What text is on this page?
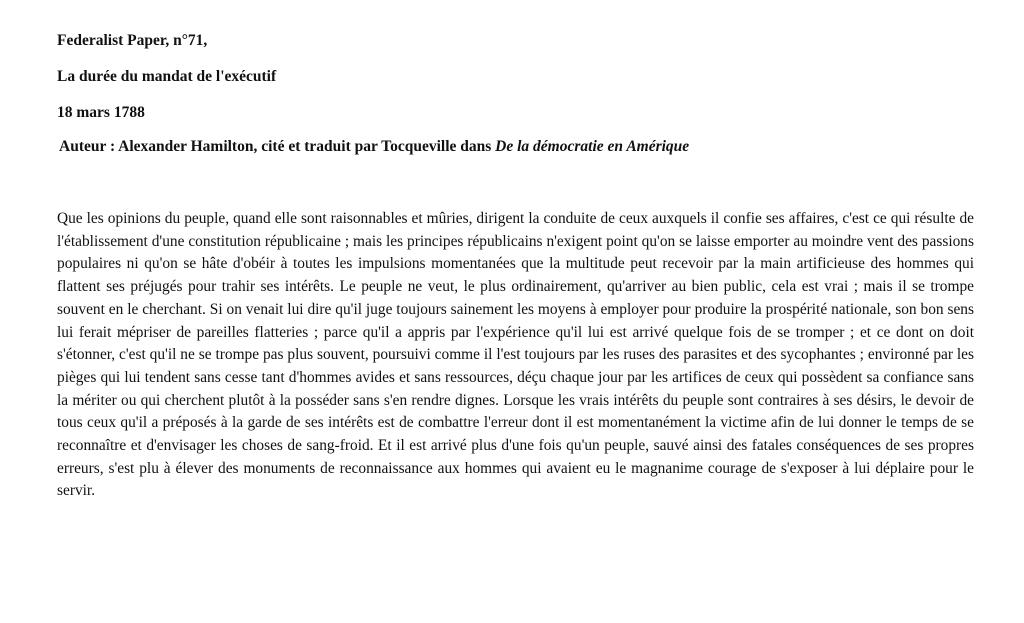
Federalist Paper, n°71,

La durée du mandat de l'exécutif

18 mars 1788

Auteur : Alexander Hamilton, cité et traduit par Tocqueville dans De la démocratie en Amérique

Que les opinions du peuple, quand elle sont raisonnables et mûries, dirigent la conduite de ceux auxquels il confie ses affaires, c'est ce qui résulte de l'établissement d'une constitution républicaine ; mais les principes républicains n'exigent point qu'on se laisse emporter au moindre vent des passions populaires ni qu'on se hâte d'obéir à toutes les impulsions momentanées que la multitude peut recevoir par la main artificieuse des hommes qui flattent ses préjugés pour trahir ses intérêts. Le peuple ne veut, le plus ordinairement, qu'arriver au bien public, cela est vrai ; mais il se trompe souvent en le cherchant. Si on venait lui dire qu'il juge toujours sainement les moyens à employer pour produire la prospérité nationale, son bon sens lui ferait mépriser de pareilles flatteries ; parce qu'il a appris par l'expérience qu'il lui est arrivé quelque fois de se tromper ; et ce dont on doit s'étonner, c'est qu'il ne se trompe pas plus souvent, poursuivi comme il l'est toujours par les ruses des parasites et des sycophantes ; environné par les pièges qui lui tendent sans cesse tant d'hommes avides et sans ressources, déçu chaque jour par les artifices de ceux qui possèdent sa confiance sans la mériter ou qui cherchent plutôt à la posséder sans s'en rendre dignes. Lorsque les vrais intérêts du peuple sont contraires à ses désirs, le devoir de tous ceux qu'il a préposés à la garde de ses intérêts est de combattre l'erreur dont il est momentanément la victime afin de lui donner le temps de se reconnaître et d'envisager les choses de sang-froid. Et il est arrivé plus d'une fois qu'un peuple, sauvé ainsi des fatales conséquences de ses propres erreurs, s'est plu à élever des monuments de reconnaissance aux hommes qui avaient eu le magnanime courage de s'exposer à lui déplaire pour le servir.
